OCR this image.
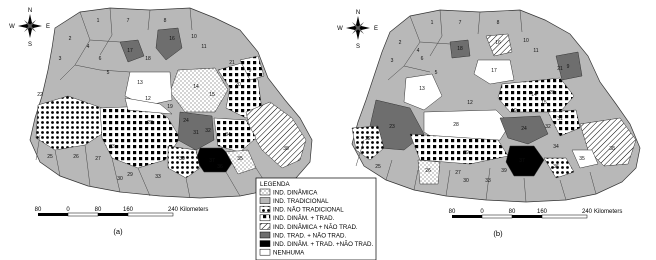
1
2
3
4
5
6
7	8
9
10
11
12
13
14
15
16
17
18
19
20
21
22
23
24
25	26	27
28
29
30
31 32
33
34
35
36
37
38
39
N
S
W	E
80	0	80	160	240 Kilometers
(a)
1
2
3
4
5
6
7	8
9
10
11
12
13
14
15
16
17
18
19
20
21
22
23	24
25
26	27
28
29
30
31
32
33
34
35
36
37
38
39
N
S
W	E
80	0	80	160	240 Kilometers
(b)
LEGENDA
IND. DINÂMICA
IND. TRADICIONAL
IND. NÃO TRADICIONAL
IND. DINÂM. + TRAD.
IND. DINÂMICA + NÃO TRAD.
IND. TRAD. + NÃO TRAD.
IND. DINÂM. + TRAD. +NÃO TRAD.
NENHUMA
